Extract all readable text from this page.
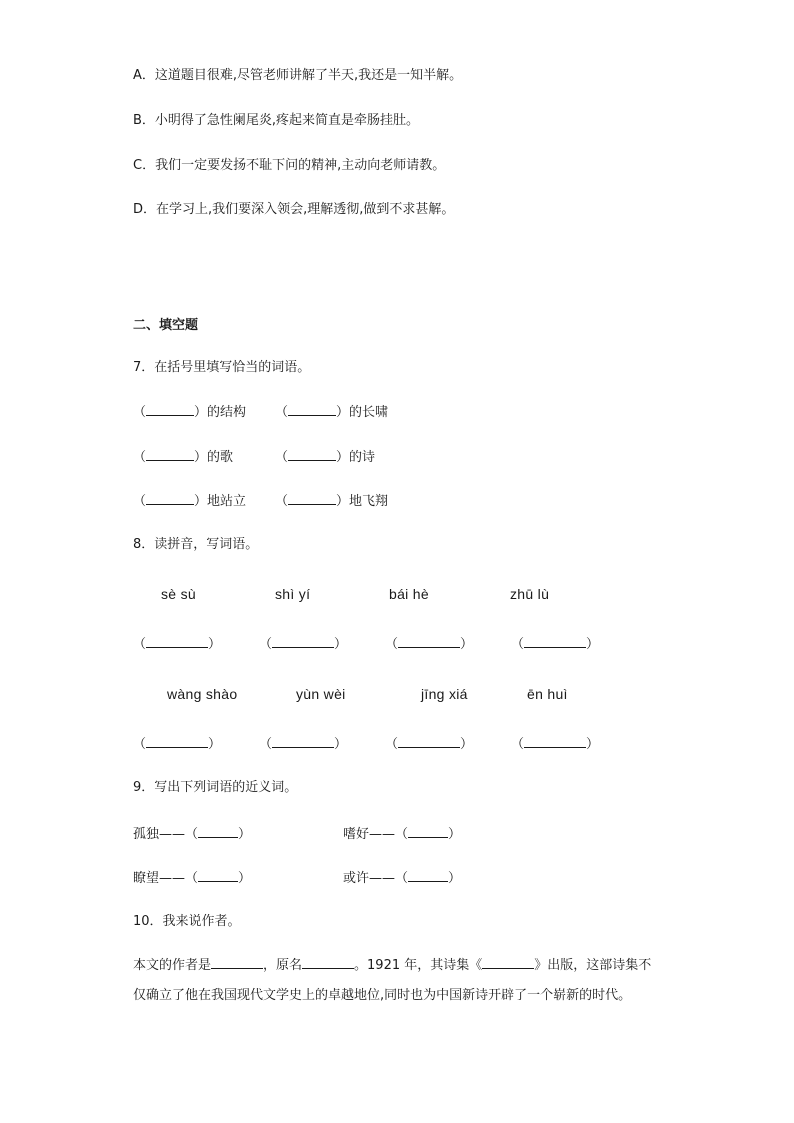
A．这道题目很难,尽管老师讲解了半天,我还是一知半解。
B．小明得了急性阑尾炎,疼起来简直是牵肠挂肚。
C．我们一定要发扬不耻下问的精神,主动向老师请教。
D．在学习上,我们要深入领会,理解透彻,做到不求甚解。
二、填空题
7．在括号里填写恰当的词语。
（	）的结构 （	）的长啸
（	）的歌	（	）的诗
（	）地站立 （	）地飞翔
8．读拼音，写词语。
sè sù	shì yí	bái hè	zhū lù
（	）	（	）	（	）	（	）
wàng shào	yùn wèi	jīng xiá	ēn huì
（	）	（	）	（	）	（	）
9．写出下列词语的近义词。
孤独——（	）	嗜好——（	）
瞭望——（	）	或许——（	）
10．我来说作者。
本文的作者是	，原名	。1921 年，其诗集《	》出版，这部诗集不仅确立了他在我国现代文学史上的卓越地位,同时也为中国新诗开辟了一个崭新的时代。
